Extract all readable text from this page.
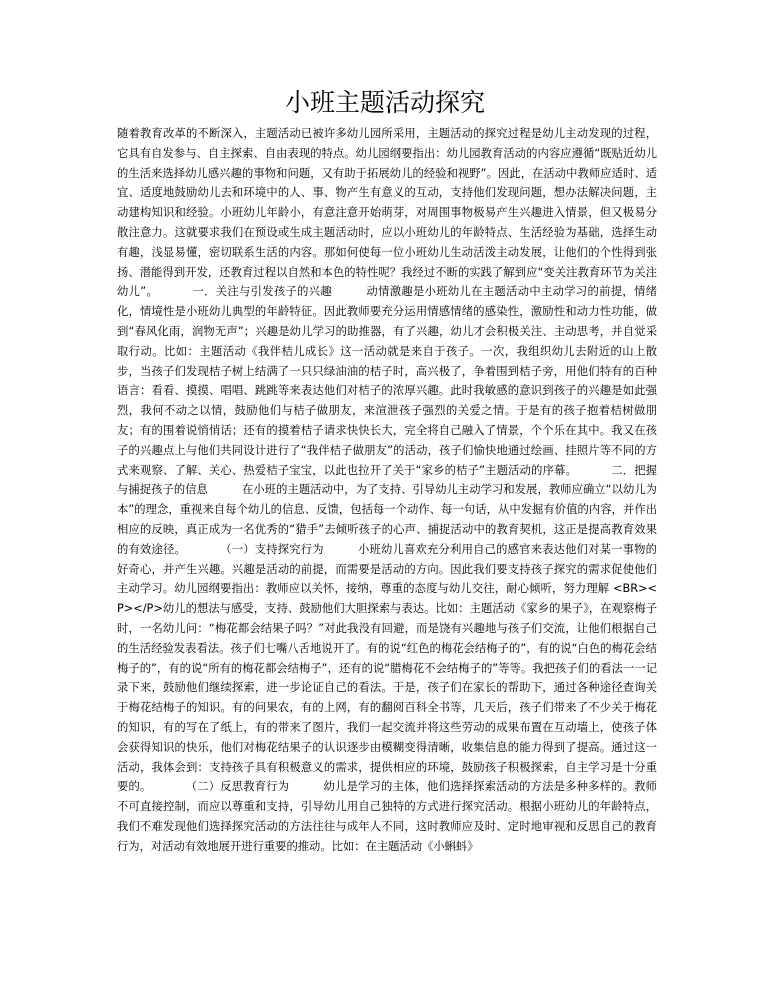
小班主题活动探究

随着教育改革的不断深入，主题活动已被许多幼儿园所采用，主题活动的探究过程是幼儿主动发现的过程，它具有自发参与、自主探索、自由表现的特点。幼儿园纲要指出：幼儿园教育活动的内容应遵循“既贴近幼儿的生活来选择幼儿感兴趣的事物和问题，又有助于拓展幼儿的经验和视野”。因此，在活动中教师应适时、适宜、适度地鼓励幼儿去和环境中的人、事、物产生有意义的互动，支持他们发现问题，想办法解决问题，主动建构知识和经验。小班幼儿年龄小，有意注意开始萌芽，对周围事物极易产生兴趣进入情景，但又极易分散注意力。这就要求我们在预设或生成主题活动时，应以小班幼儿的年龄特点、生活经验为基础，选择生动有趣，浅显易懂，密切联系生活的内容。那如何使每一位小班幼儿生动活泼主动发展，让他们的个性得到张扬、潜能得到开发，还教育过程以自然和本色的特性呢？我经过不断的实践了解到应“变关注教育环节为关注幼儿”。	一．关注与引发孩子的兴趣	动情激趣是小班幼儿在主题活动中主动学习的前提，情绪化，情境性是小班幼儿典型的年龄特征。因此教师要充分运用情感情绪的感染性，激励性和动力性功能，做到“春风化雨，润物无声”；兴趣是幼儿学习的助推器，有了兴趣，幼儿才会积极关注、主动思考，并自觉采取行动。比如：主题活动《我伴桔儿成长》这一活动就是来自于孩子。一次，我组织幼儿去附近的山上散步，当孩子们发现桔子树上结满了一只只绿油油的桔子时，高兴极了，争着围到桔子旁，用他们特有的百种语言：看看、摸摸、唱唱、跳跳等来表达他们对桔子的浓厚兴趣。此时我敏感的意识到孩子的兴趣是如此强烈，我何不动之以情，鼓励他们与桔子做朋友，来渲泄孩子强烈的关爱之情。于是有的孩子抱着桔树做朋友；有的围着说悄悄话；还有的摸着桔子请求快快长大，完全将自己融入了情景，个个乐在其中。我又在孩子的兴趣点上与他们共同设计进行了“我伴桔子做朋友”的活动，孩子们愉快地通过绘画、挂照片等不同的方式来观察、了解、关心、热爱桔子宝宝，以此也拉开了关于“家乡的桔子”主题活动的序幕。	二．把握与捕捉孩子的信息	在小班的主题活动中，为了支持、引导幼儿主动学习和发展，教师应确立“以幼儿为本”的理念，重视来自每个幼儿的信息、反馈，包括每一个动作、每一句话，从中发掘有价值的内容，并作出相应的反映，真正成为一名优秀的“猎手”去倾听孩子的心声、捕捉活动中的教育契机，这正是提高教育效果的有效途径。	（一）支持探究行为	小班幼儿喜欢充分利用自己的感官来表达他们对某一事物的好奇心，并产生兴趣。兴趣是活动的前提，而需要是活动的方向。因此我们要支持孩子探究的需求促使他们主动学习。幼儿园纲要指出：教师应以关怀，接纳，尊重的态度与幼儿交往，耐心倾听，努力理解 <BR><P></P>幼儿的想法与感受，支持、鼓励他们大胆探索与表达。比如：主题活动《家乡的果子》，在观察梅子时，一名幼儿问：“梅花都会结果子吗？”对此我没有回避，而是饶有兴趣地与孩子们交流，让他们根据自己的生活经验发表看法。孩子们七嘴八舌地说开了。有的说“红色的梅花会结梅子的”，有的说“白色的梅花会结梅子的”，有的说“所有的梅花都会结梅子”，还有的说“腊梅花不会结梅子的”等等。我把孩子们的看法一一记录下来，鼓励他们继续探索，进一步论证自己的看法。于是，孩子们在家长的帮助下，通过各种途径查询关于梅花结梅子的知识。有的问果农，有的上网，有的翻阅百科全书等，几天后，孩子们带来了不少关于梅花的知识，有的写在了纸上，有的带来了图片，我们一起交流并将这些劳动的成果布置在互动墙上，使孩子体会获得知识的快乐，他们对梅花结果子的认识逐步由模糊变得清晰，收集信息的能力得到了提高。通过这一活动，我体会到：支持孩子具有积极意义的需求，提供相应的环境，鼓励孩子积极探索，自主学习是十分重要的。	（二）反思教育行为	幼儿是学习的主体，他们选择探索活动的方法是多种多样的。教师不可直接控制，而应以尊重和支持，引导幼儿用自己独特的方式进行探究活动。根据小班幼儿的年龄特点，我们不难发现他们选择探究活动的方法往往与成年人不同，这时教师应及时、定时地审视和反思自己的教育行为，对活动有效地展开进行重要的推动。比如：在主题活动《小蝌蚪》
